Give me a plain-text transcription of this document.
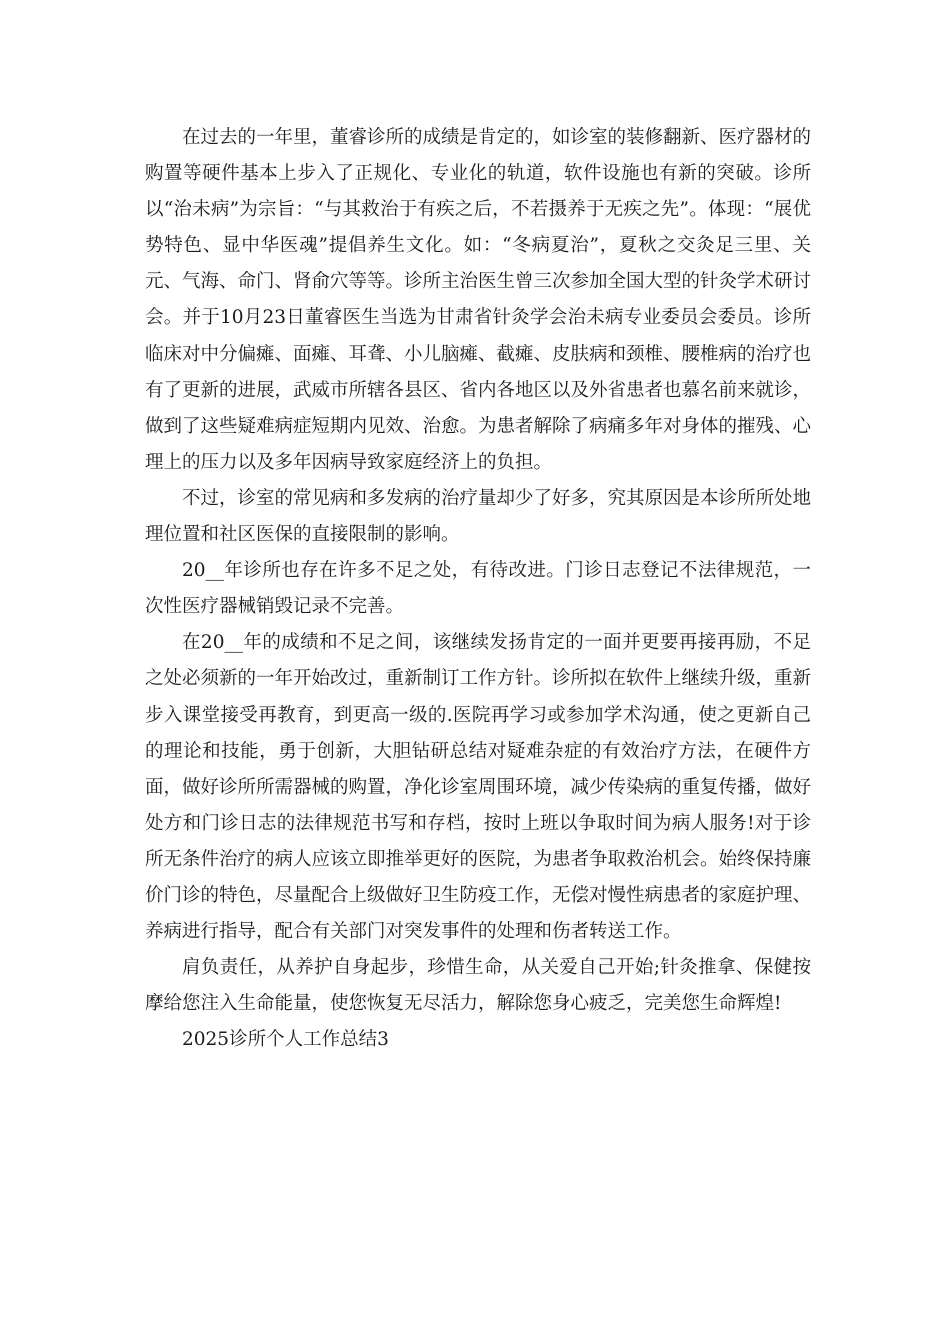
在过去的一年里，董睿诊所的成绩是肯定的，如诊室的装修翻新、医疗器材的购置等硬件基本上步入了正规化、专业化的轨道，软件设施也有新的突破。诊所以“治未病”为宗旨：“与其救治于有疾之后，不若摄养于无疾之先”。体现：“展优势特色、显中华医魂”提倡养生文化。如：“冬病夏治”，夏秋之交灸足三里、关元、气海、命门、肾俞穴等等。诊所主治医生曾三次参加全国大型的针灸学术研讨会。并于10月23日董睿医生当选为甘肃省针灸学会治未病专业委员会委员。诊所临床对中分偏瘫、面瘫、耳聋、小儿脑瘫、截瘫、皮肤病和颈椎、腰椎病的治疗也有了更新的进展，武威市所辖各县区、省内各地区以及外省患者也慕名前来就诊，做到了这些疑难病症短期内见效、治愈。为患者解除了病痛多年对身体的摧残、心理上的压力以及多年因病导致家庭经济上的负担。

不过，诊室的常见病和多发病的治疗量却少了好多，究其原因是本诊所所处地理位置和社区医保的直接限制的影响。

20__年诊所也存在许多不足之处，有待改进。门诊日志登记不法律规范，一次性医疗器械销毁记录不完善。

在20__年的成绩和不足之间，该继续发扬肯定的一面并更要再接再励，不足之处必须新的一年开始改过，重新制订工作方针。诊所拟在软件上继续升级，重新步入课堂接受再教育，到更高一级的.医院再学习或参加学术沟通，使之更新自己的理论和技能，勇于创新，大胆钻研总结对疑难杂症的有效治疗方法，在硬件方面，做好诊所所需器械的购置，净化诊室周围环境，减少传染病的重复传播，做好处方和门诊日志的法律规范书写和存档，按时上班以争取时间为病人服务!对于诊所无条件治疗的病人应该立即推举更好的医院，为患者争取救治机会。始终保持廉价门诊的特色，尽量配合上级做好卫生防疫工作，无偿对慢性病患者的家庭护理、养病进行指导，配合有关部门对突发事件的处理和伤者转送工作。

肩负责任，从养护自身起步，珍惜生命，从关爱自己开始;针灸推拿、保健按摩给您注入生命能量，使您恢复无尽活力，解除您身心疲乏，完美您生命辉煌!

2025诊所个人工作总结3
